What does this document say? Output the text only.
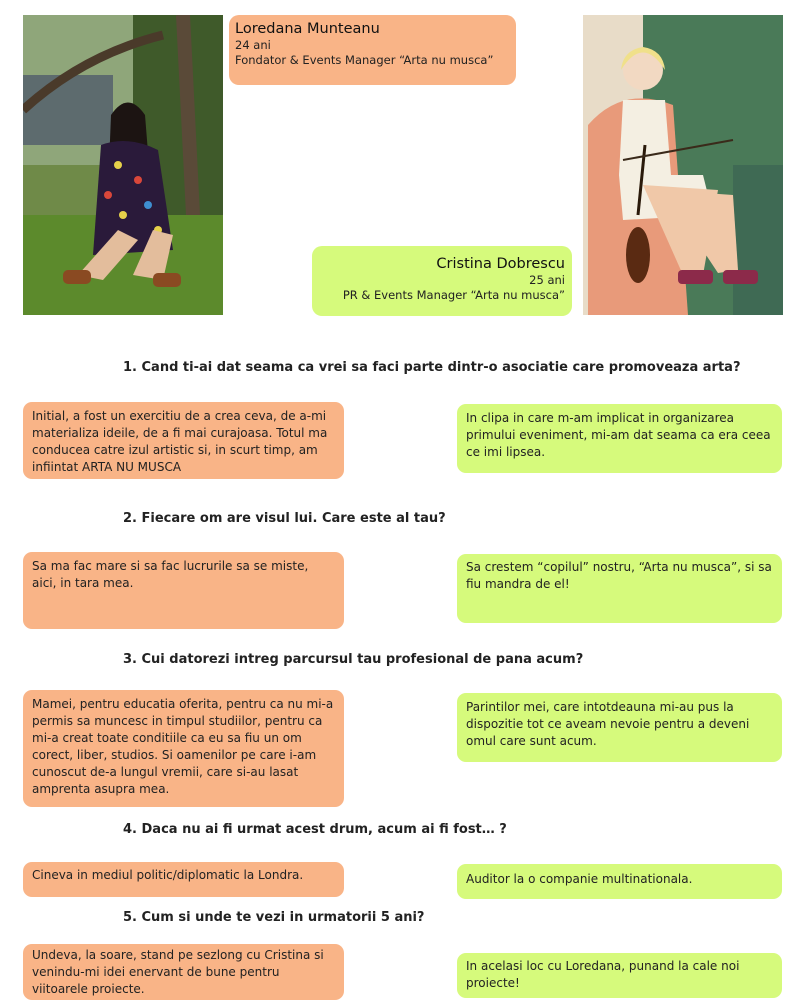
Loredana Munteanu
24 ani
Fondator & Events Manager “Arta nu musca”
Cristina Dobrescu
25 ani
PR & Events Manager “Arta nu musca”
1. Cand ti-ai dat seama ca vrei sa faci parte dintr-o asociatie care promoveaza arta?
Initial, a fost un exercitiu de a crea ceva, de a-mi materializa ideile, de a fi mai curajoasa. Totul ma conducea catre izul artistic si, in scurt timp, am infiintat ARTA NU MUSCA
In clipa in care m-am implicat in organizarea primului eveniment, mi-am dat seama ca era ceea ce imi lipsea.
2. Fiecare om are visul lui. Care este al tau?
Sa ma fac mare si sa fac lucrurile sa se miste, aici, in tara mea.
Sa crestem “copilul” nostru, “Arta nu musca”, si sa fiu mandra de el!
3. Cui datorezi intreg parcursul tau profesional de pana acum?
Mamei, pentru educatia oferita, pentru ca nu mi-a permis sa muncesc in timpul studiilor, pentru ca mi-a creat toate conditiile ca eu sa fiu un om corect, liber, studios. Si oamenilor pe care i-am cunoscut de-a lungul vremii, care si-au lasat amprenta asupra mea.
Parintilor mei, care intotdeauna mi-au pus la dispozitie tot ce aveam nevoie pentru a deveni omul care sunt acum.
4. Daca nu ai fi urmat acest drum, acum ai fi fost… ?
Cineva in mediul politic/diplomatic la Londra.	Auditor la o companie multinationala.
5. Cum si unde te vezi in urmatorii 5 ani?
Undeva, la soare, stand pe sezlong cu Cristina si venindu-mi idei enervant de bune pentru viitoarele proiecte.
In acelasi loc cu Loredana, punand la cale noi proiecte!
